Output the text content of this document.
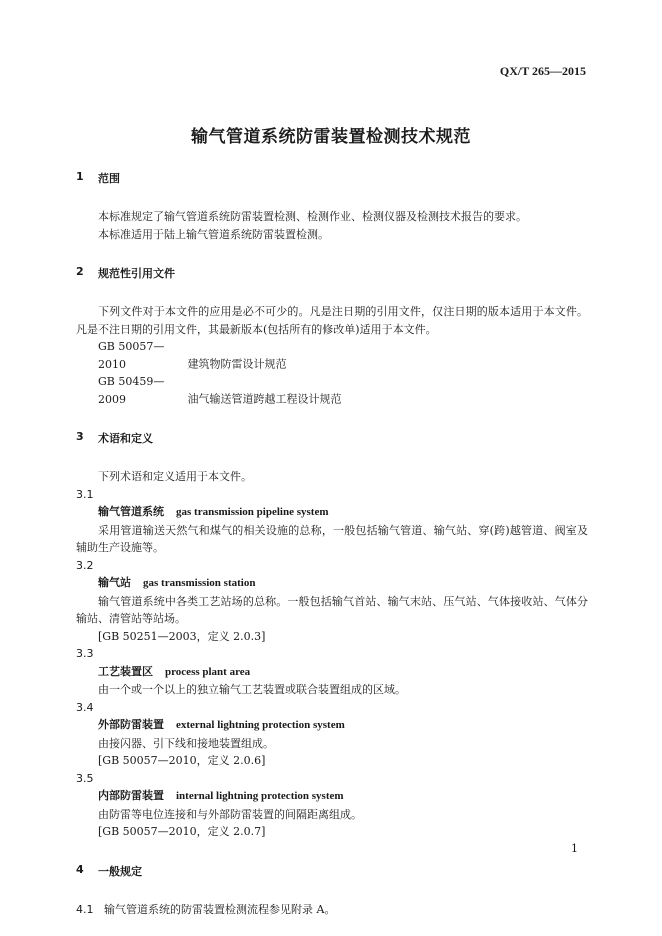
QX/T 265—2015
输气管道系统防雷装置检测技术规范
1	范围

本标准规定了输气管道系统防雷装置检测、检测作业、检测仪器及检测技术报告的要求。

本标准适用于陆上输气管道系统防雷装置检测。

2	规范性引用文件

下列文件对于本文件的应用是必不可少的。凡是注日期的引用文件，仅注日期的版本适用于本文件。凡是不注日期的引用文件，其最新版本(包括所有的修改单)适用于本文件。

GB 50057—2010	建筑物防雷设计规范

GB 50459—2009	油气输送管道跨越工程设计规范

3	术语和定义

下列术语和定义适用于本文件。

3.1

输气管道系统 gas transmission pipeline system

采用管道输送天然气和煤气的相关设施的总称，一般包括输气管道、输气站、穿(跨)越管道、阀室及辅助生产设施等。

3.2

输气站 gas transmission station

输气管道系统中各类工艺站场的总称。一般包括输气首站、输气末站、压气站、气体接收站、气体分输站、清管站等站场。

[GB 50251—2003，定义 2.0.3]

3.3

工艺装置区 process plant area

由一个或一个以上的独立输气工艺装置或联合装置组成的区域。

3.4

外部防雷装置 external lightning protection system

由接闪器、引下线和接地装置组成。

[GB 50057—2010，定义 2.0.6]

3.5

内部防雷装置 internal lightning protection system

由防雷等电位连接和与外部防雷装置的间隔距离组成。

[GB 50057—2010，定义 2.0.7]

4	一般规定

4.1 输气管道系统的防雷装置检测流程参见附录 A。

1
